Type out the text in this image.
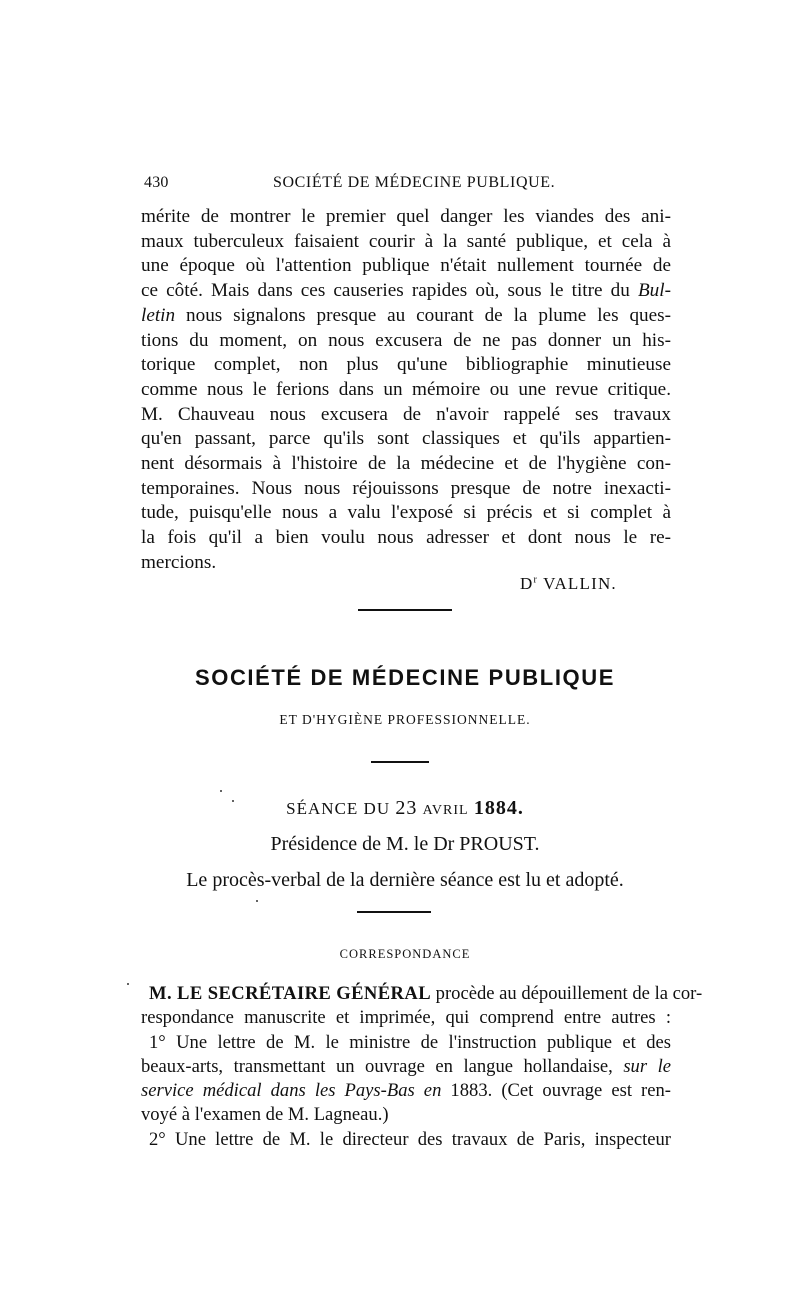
430	SOCIÉTÉ DE MÉDECINE PUBLIQUE.
mérite de montrer le premier quel danger les viandes des ani-
maux tuberculeux faisaient courir à la santé publique, et cela à
une époque où l'attention publique n'était nullement tournée de
ce côté. Mais dans ces causeries rapides où, sous le titre du Bul-
letin nous signalons presque au courant de la plume les ques-
tions du moment, on nous excusera de ne pas donner un his-
torique complet, non plus qu'une bibliographie minutieuse
comme nous le ferions dans un mémoire ou une revue critique.
M. Chauveau nous excusera de n'avoir rappelé ses travaux
qu'en passant, parce qu'ils sont classiques et qu'ils appartien-
nent désormais à l'histoire de la médecine et de l'hygiène con-
temporaines. Nous nous réjouissons presque de notre inexacti-
tude, puisqu'elle nous a valu l'exposé si précis et si complet à
la fois qu'il a bien voulu nous adresser et dont nous le re-
mercions.
$D^r$ VALLIN.
SOCIÉTÉ DE MÉDECINE PUBLIQUE
ET D'HYGIÈNE PROFESSIONNELLE.
SÉANCE DU 23 AVRIL 1884.
Présidence de M. le Dr PROUST.
Le procès-verbal de la dernière séance est lu et adopté.
CORRESPONDANCE
M. LE SECRÉTAIRE GÉNÉRAL procède au dépouillement de la cor-
respondance manuscrite et imprimée, qui comprend entre autres :
1° Une lettre de M. le ministre de l'instruction publique et des
beaux-arts, transmettant un ouvrage en langue hollandaise, sur le
service médical dans les Pays-Bas en 1883. (Cet ouvrage est ren-
voyé à l'examen de M. Lagneau.)
2° Une lettre de M. le directeur des travaux de Paris, inspecteur
